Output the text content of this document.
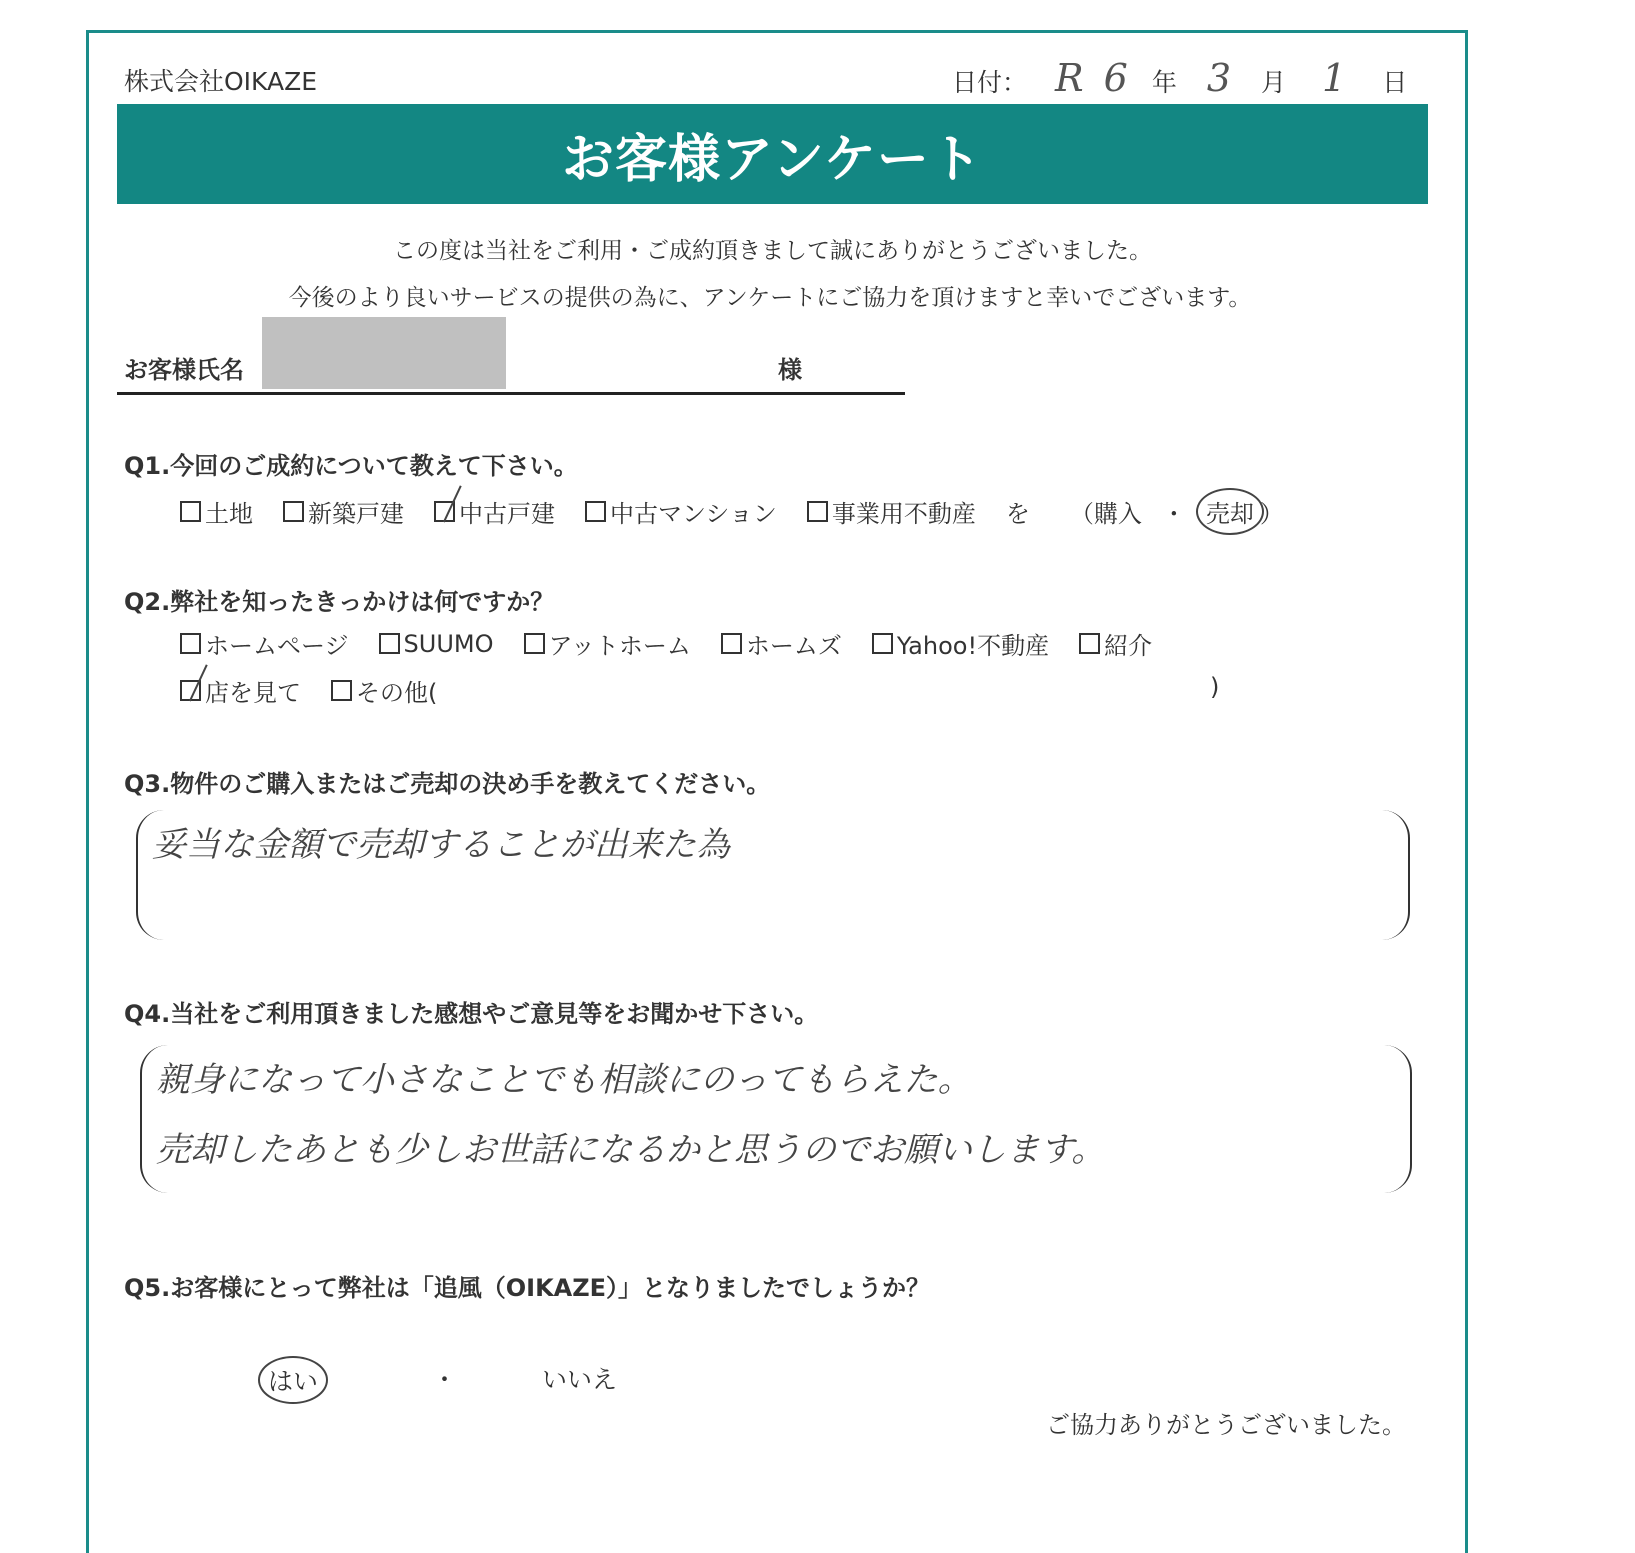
株式会社OIKAZE	日付： R 6 年 3 月 1 日
お客様アンケート
この度は当社をご利用・ご成約頂きまして誠にありがとうございました。
今後のより良いサービスの提供の為に、アンケートにご協力を頂けますと幸いでございます。
お客様氏名	様
Q1.今回のご成約について教えて下さい。
土地 新築戸建 中古戸建 中古マンション 事業用不動産 を （ 購入 ・ 売却 ）
Q2.弊社を知ったきっかけは何ですか？
ホームページ SUUMO アットホーム ホームズ Yahoo!不動産 紹介
店を見て その他(	)
Q3.物件のご購入またはご売却の決め手を教えてください。
妥当な金額で売却することが出来た為
Q4.当社をご利用頂きました感想やご意見等をお聞かせ下さい。
親身になって小さなことでも相談にのってもらえた。
売却したあとも少しお世話になるかと思うのでお願いします。
Q5.お客様にとって弊社は「追風（OIKAZE）」となりましたでしょうか？
はい	・	いいえ
ご協力ありがとうございました。
